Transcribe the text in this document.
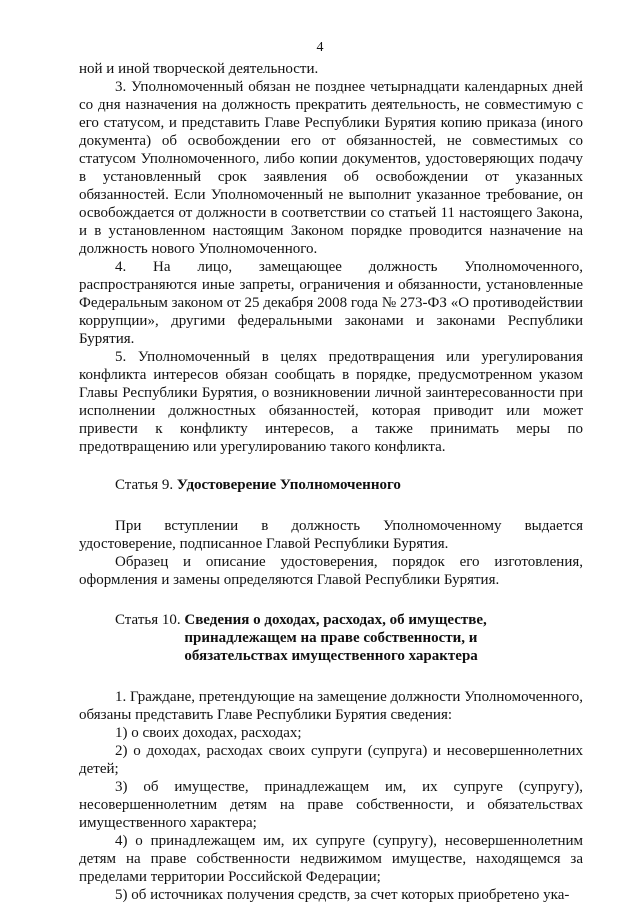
4

ной и иной творческой деятельности.

3. Уполномоченный обязан не позднее четырнадцати календарных дней со дня назначения на должность прекратить деятельность, не совместимую с его статусом, и представить Главе Республики Бурятия копию приказа (иного документа) об освобождении его от обязанностей, не совместимых со статусом Уполномоченного, либо копии документов, удостоверяющих подачу в установленный срок заявления об освобождении от указанных обязанностей. Если Уполномоченный не выполнит указанное требование, он освобождается от должности в соответствии со статьей 11 настоящего Закона, и в установленном настоящим Законом порядке проводится назначение на должность нового Уполномоченного.

4. На лицо, замещающее должность Уполномоченного, распространяются иные запреты, ограничения и обязанности, установленные Федеральным законом от 25 декабря 2008 года № 273-ФЗ «О противодействии коррупции», другими федеральными законами и законами Республики Бурятия.

5. Уполномоченный в целях предотвращения или урегулирования конфликта интересов обязан сообщать в порядке, предусмотренном указом Главы Республики Бурятия, о возникновении личной заинтересованности при исполнении должностных обязанностей, которая приводит или может привести к конфликту интересов, а также принимать меры по предотвращению или урегулированию такого конфликта.

Статья 9. Удостоверение Уполномоченного

При вступлении в должность Уполномоченному выдается удостоверение, подписанное Главой Республики Бурятия.

Образец и описание удостоверения, порядок его изготовления, оформления и замены определяются Главой Республики Бурятия.

Статья 10. Сведения о доходах, расходах, об имуществе, принадлежащем на праве собственности, и обязательствах имущественного характера

1. Граждане, претендующие на замещение должности Уполномоченного, обязаны представить Главе Республики Бурятия сведения:

1) о своих доходах, расходах;

2) о доходах, расходах своих супруги (супруга) и несовершеннолетних детей;

3) об имуществе, принадлежащем им, их супруге (супругу), несовершеннолетним детям на праве собственности, и обязательствах имущественного характера;

4) о принадлежащем им, их супруге (супругу), несовершеннолетним детям на праве собственности недвижимом имуществе, находящемся за пределами территории Российской Федерации;

5) об источниках получения средств, за счет которых приобретено ука-
